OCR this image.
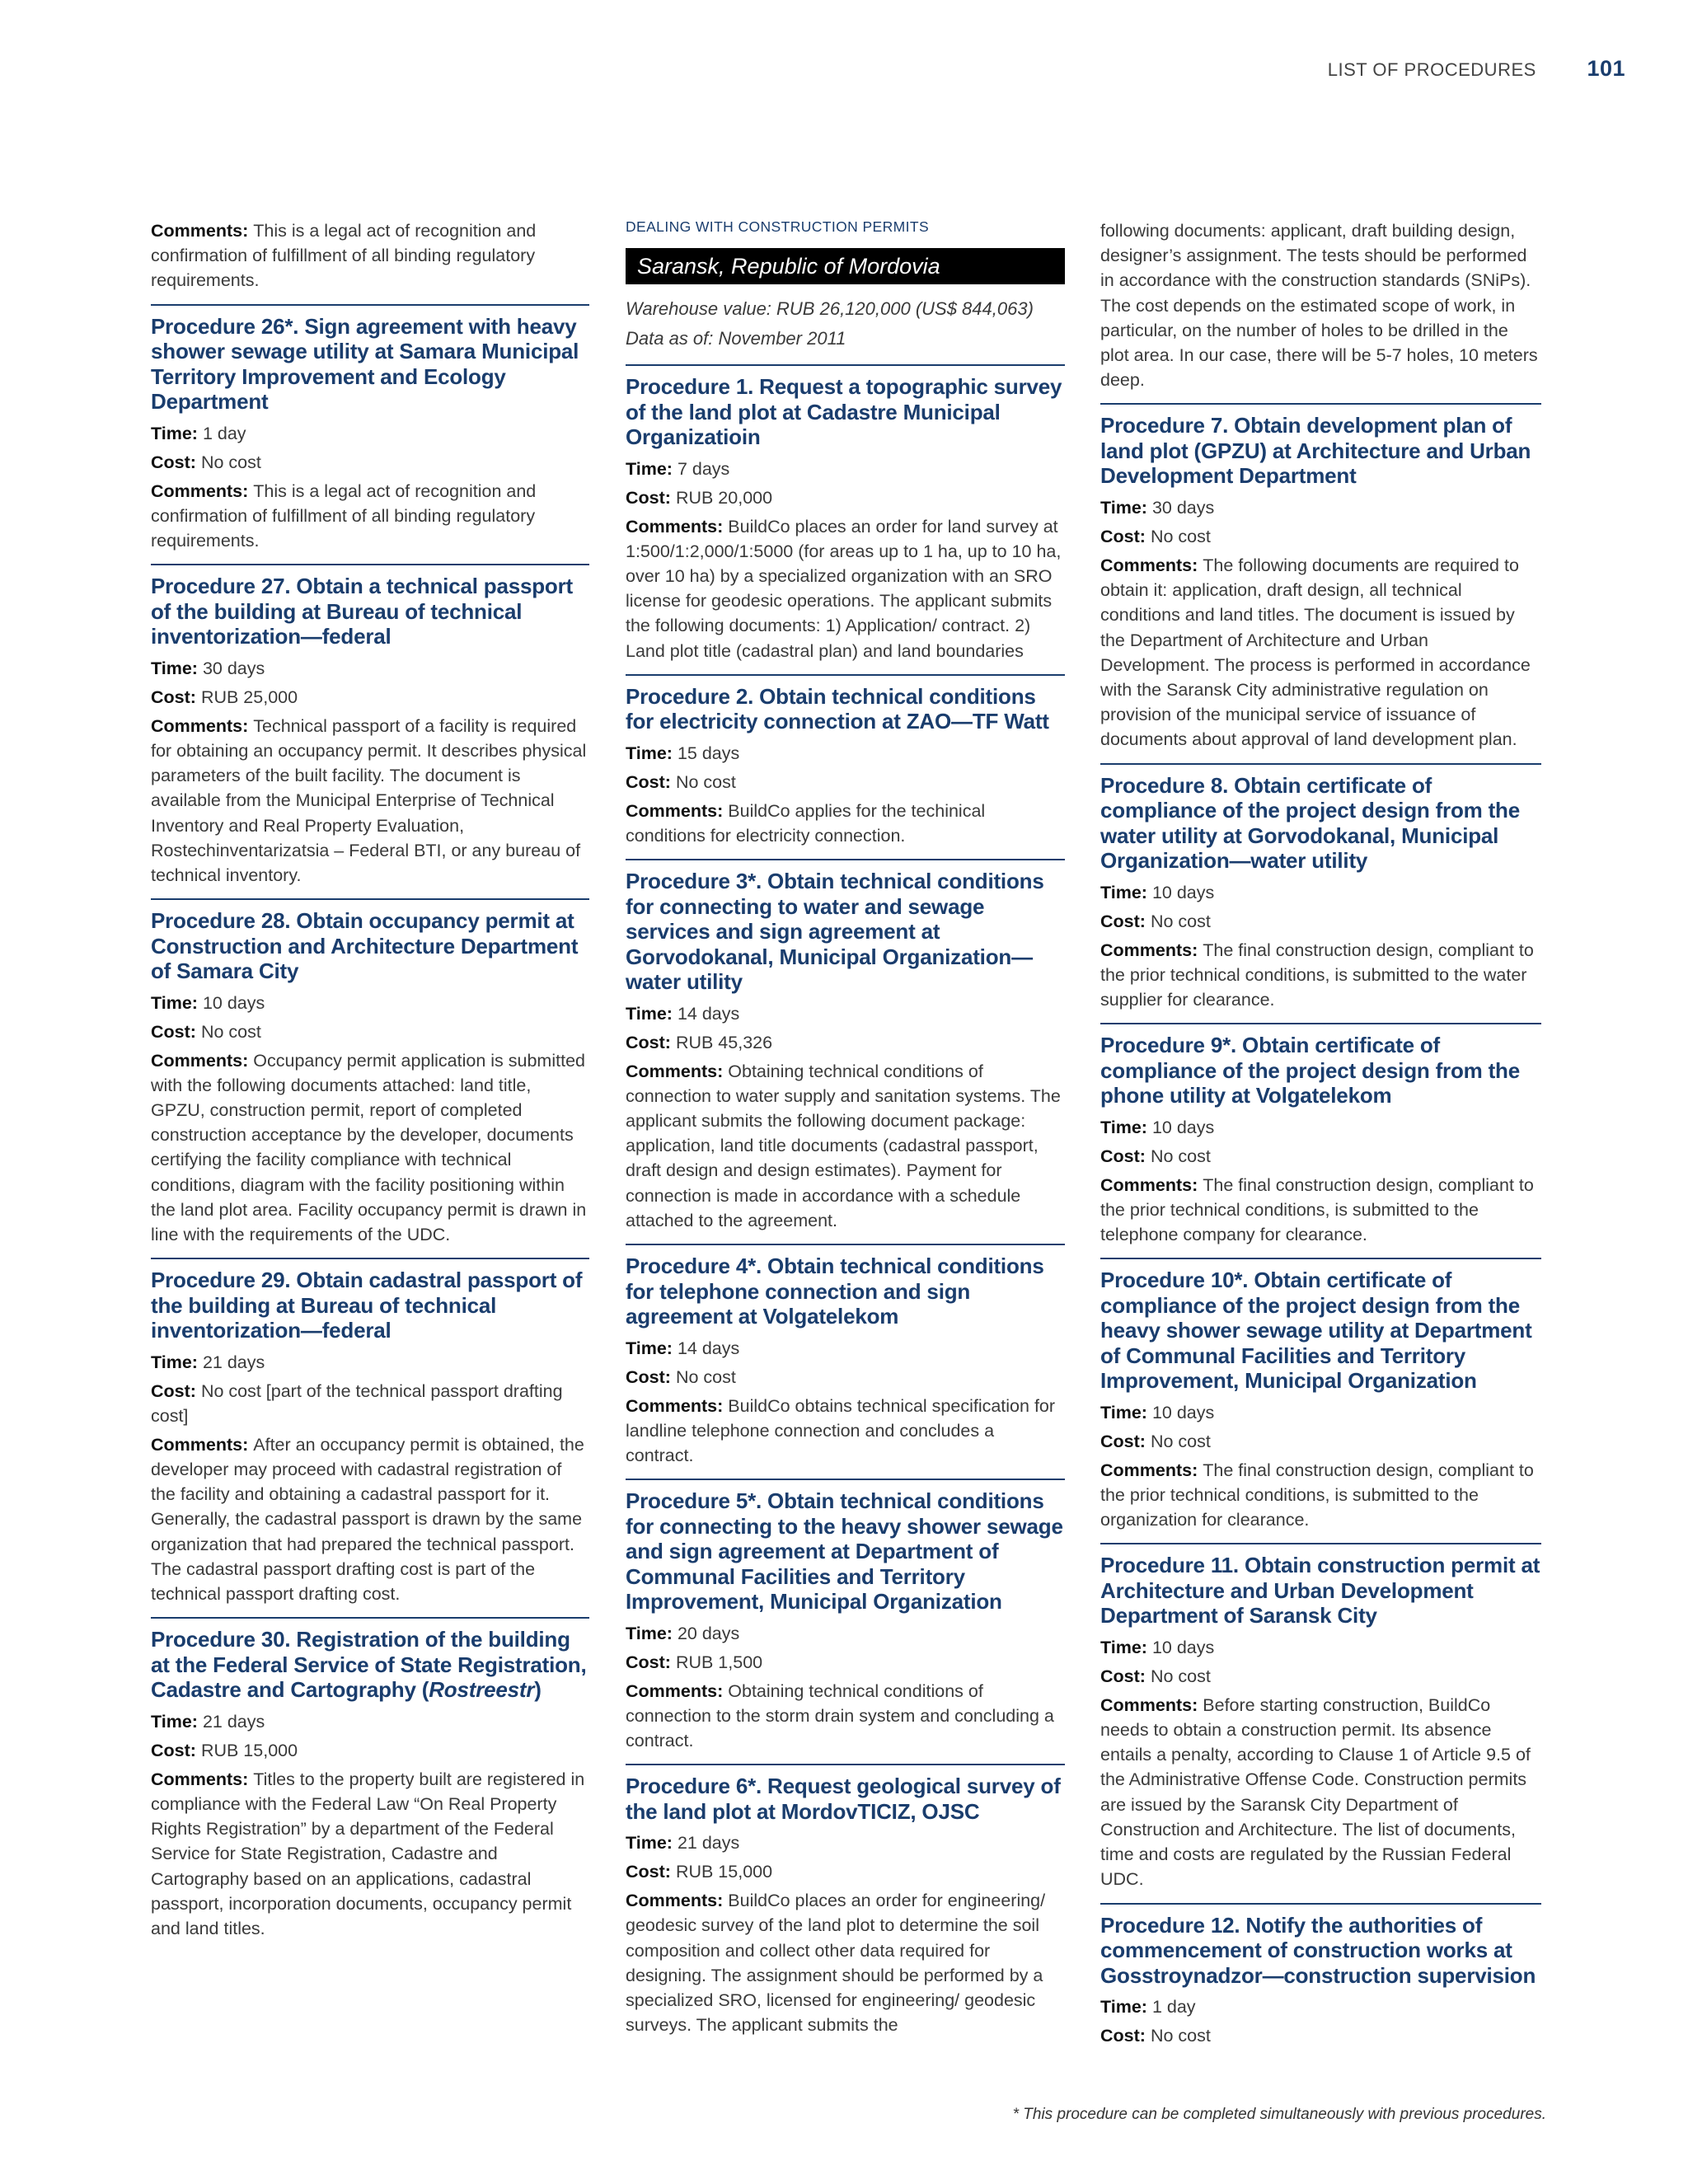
LIST OF PROCEDURES 101
Comments: This is a legal act of recognition and confirmation of fulfillment of all binding regulatory requirements.
Procedure 26*. Sign agreement with heavy shower sewage utility at Samara Municipal Territory Improvement and Ecology Department
Time: 1 day
Cost: No cost
Comments: This is a legal act of recognition and confirmation of fulfillment of all binding regulatory requirements.
Procedure 27. Obtain a technical passport of the building at Bureau of technical inventorization—federal
Time: 30 days
Cost: RUB 25,000
Comments: Technical passport of a facility is required for obtaining an occupancy permit. It describes physical parameters of the built facility. The document is available from the Municipal Enterprise of Technical Inventory and Real Property Evaluation, Rostechinventarizatsia – Federal BTI, or any bureau of technical inventory.
Procedure 28. Obtain occupancy permit at Construction and Architecture Department of Samara City
Time: 10 days
Cost: No cost
Comments: Occupancy permit application is submitted with the following documents attached: land title, GPZU, construction permit, report of completed construction acceptance by the developer, documents certifying the facility compliance with technical conditions, diagram with the facility positioning within the land plot area. Facility occupancy permit is drawn in line with the requirements of the UDC.
Procedure 29. Obtain cadastral passport of the building at Bureau of technical inventorization—federal
Time: 21 days
Cost: No cost [part of the technical passport drafting cost]
Comments: After an occupancy permit is obtained, the developer may proceed with cadastral registration of the facility and obtaining a cadastral passport for it. Generally, the cadastral passport is drawn by the same organization that had prepared the technical passport. The cadastral passport drafting cost is part of the technical passport drafting cost.
Procedure 30. Registration of the building at the Federal Service of State Registration, Cadastre and Cartography (Rostreestr)
Time: 21 days
Cost: RUB 15,000
Comments: Titles to the property built are registered in compliance with the Federal Law “On Real Property Rights Registration” by a department of the Federal Service for State Registration, Cadastre and Cartography based on an applications, cadastral passport, incorporation documents, occupancy permit and land titles.
DEALING WITH CONSTRUCTION PERMITS
Saransk, Republic of Mordovia
Warehouse value: RUB 26,120,000 (US$ 844,063)
Data as of: November 2011
Procedure 1. Request a topographic survey of the land plot at Cadastre Municipal Organizatioin
Time: 7 days
Cost: RUB 20,000
Comments: BuildCo places an order for land survey at 1:500/1:2,000/1:5000 (for areas up to 1 ha, up to 10 ha, over 10 ha) by a specialized organization with an SRO license for geodesic operations. The applicant submits the following documents: 1) Application/ contract. 2) Land plot title (cadastral plan) and land boundaries
Procedure 2. Obtain technical conditions for electricity connection at ZAO—TF Watt
Time: 15 days
Cost: No cost
Comments: BuildCo applies for the techinical conditions for electricity connection.
Procedure 3*. Obtain technical conditions for connecting to water and sewage services and sign agreement at Gorvodokanal, Municipal Organization—water utility
Time: 14 days
Cost: RUB 45,326
Comments: Obtaining technical conditions of connection to water supply and sanitation systems. The applicant submits the following document package: application, land title documents (cadastral passport, draft design and design estimates). Payment for connection is made in accordance with a schedule attached to the agreement.
Procedure 4*. Obtain technical conditions for telephone connection and sign agreement at Volgatelekom
Time: 14 days
Cost: No cost
Comments: BuildCo obtains technical specification for landline telephone connection and concludes a contract.
Procedure 5*. Obtain technical conditions for connecting to the heavy shower sewage and sign agreement at Department of Communal Facilities and Territory Improvement, Municipal Organization
Time: 20 days
Cost: RUB 1,500
Comments: Obtaining technical conditions of connection to the storm drain system and concluding a contract.
Procedure 6*. Request geological survey of the land plot at MordovTICIZ, OJSC
Time: 21 days
Cost: RUB 15,000
Comments: BuildCo places an order for engineering/ geodesic survey of the land plot to determine the soil composition and collect other data required for designing. The assignment should be performed by a specialized SRO, licensed for engineering/ geodesic surveys. The applicant submits the
following documents: applicant, draft building design, designer’s assignment. The tests should be performed in accordance with the construction standards (SNiPs). The cost depends on the estimated scope of work, in particular, on the number of holes to be drilled in the plot area. In our case, there will be 5-7 holes, 10 meters deep.
Procedure 7. Obtain development plan of land plot (GPZU) at Architecture and Urban Development Department
Time: 30 days
Cost: No cost
Comments: The following documents are required to obtain it: application, draft design, all technical conditions and land titles. The document is issued by the Department of Architecture and Urban Development. The process is performed in accordance with the Saransk City administrative regulation on provision of the municipal service of issuance of documents about approval of land development plan.
Procedure 8. Obtain certificate of compliance of the project design from the water utility at Gorvodokanal, Municipal Organization—water utility
Time: 10 days
Cost: No cost
Comments: The final construction design, compliant to the prior technical conditions, is submitted to the water supplier for clearance.
Procedure 9*. Obtain certificate of compliance of the project design from the phone utility at Volgatelekom
Time: 10 days
Cost: No cost
Comments: The final construction design, compliant to the prior technical conditions, is submitted to the telephone company for clearance.
Procedure 10*. Obtain certificate of compliance of the project design from the heavy shower sewage utility at Department of Communal Facilities and Territory Improvement, Municipal Organization
Time: 10 days
Cost: No cost
Comments: The final construction design, compliant to the prior technical conditions, is submitted to the organization for clearance.
Procedure 11. Obtain construction permit at Architecture and Urban Development Department of Saransk City
Time: 10 days
Cost: No cost
Comments: Before starting construction, BuildCo needs to obtain a construction permit. Its absence entails a penalty, according to Clause 1 of Article 9.5 of the Administrative Offense Code. Construction permits are issued by the Saransk City Department of Construction and Architecture. The list of documents, time and costs are regulated by the Russian Federal UDC.
Procedure 12. Notify the authorities of commencement of construction works at Gosstroynadzor—construction supervision
Time: 1 day
Cost: No cost
* This procedure can be completed simultaneously with previous procedures.
